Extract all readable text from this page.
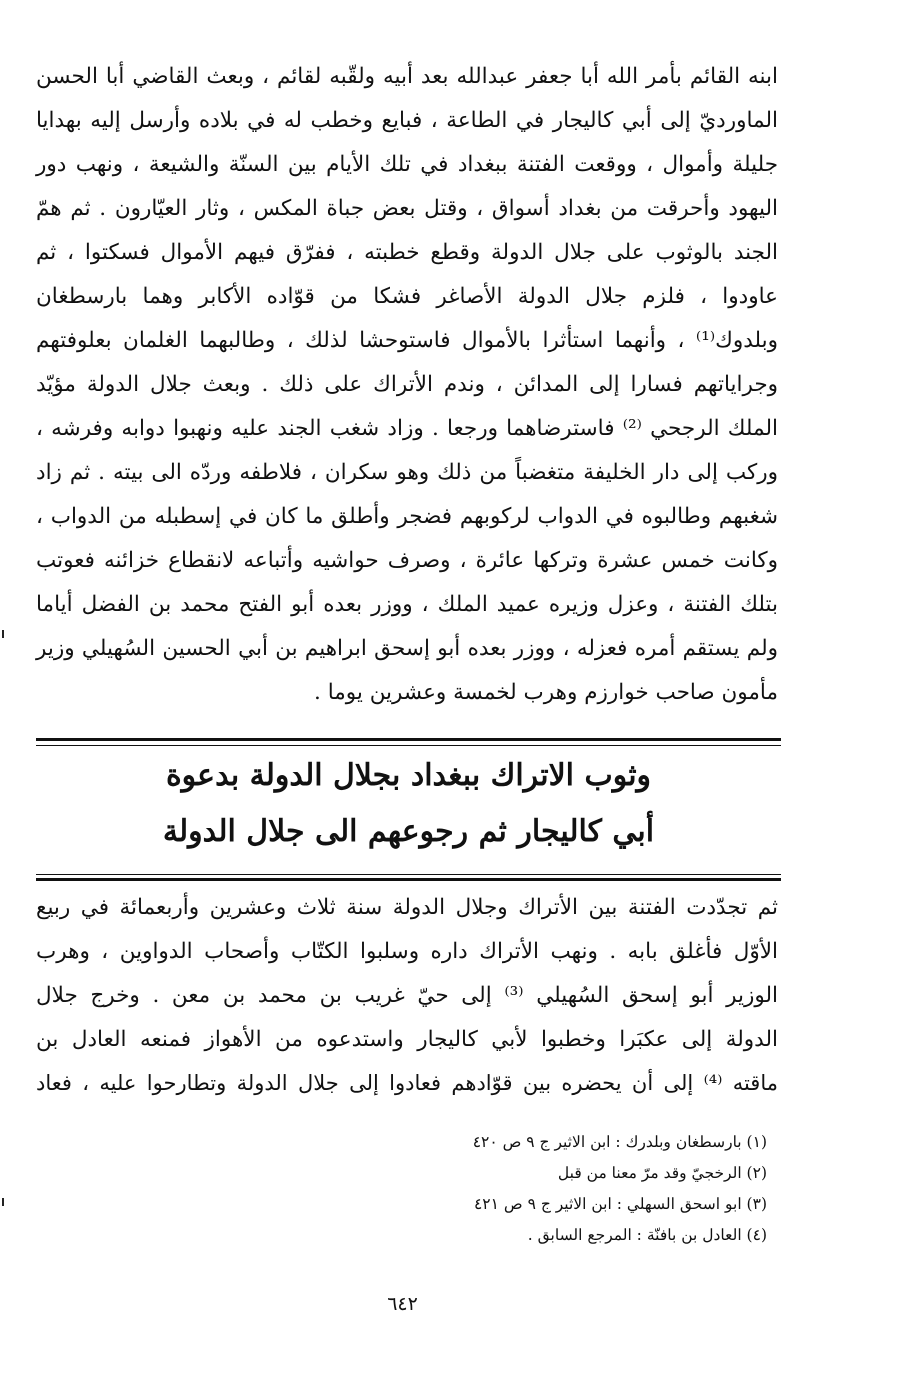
ابنه القائم بأمر الله أبا جعفر عبدالله بعد أبيه ولقّبه لقائم ، وبعث القاضي أبا الحسن
الماورديّ إلى أبي كاليجار في الطاعة ، فبايع وخطب له في بلاده وأرسل إليه بهدايا
جليلة وأموال ، ووقعت الفتنة ببغداد في تلك الأيام بين السنّة والشيعة ، ونهب دور
اليهود وأحرقت من بغداد أسواق ، وقتل بعض جباة المكس ، وثار العيّارون . ثم همّ
الجند بالوثوب على جلال الدولة وقطع خطبته ، ففرّق فيهم الأموال فسكتوا ، ثم
عاودوا ، فلزم جلال الدولة الأصاغر فشكا من قوّاده الأكابر وهما بارسطغان
وبلدوك⁽¹⁾ ، وأنهما استأثرا بالأموال فاستوحشا لذلك ، وطالبهما الغلمان بعلوفتهم
وجراياتهم فسارا إلى المدائن ، وندم الأتراك على ذلك . وبعث جلال الدولة مؤيّد
الملك الرجحي ⁽²⁾ فاسترضاهما ورجعا . وزاد شغب الجند عليه ونهبوا دوابه وفرشه ،
وركب إلى دار الخليفة متغضباً من ذلك وهو سكران ، فلاطفه وردّه الى بيته . ثم زاد
شغبهم وطالبوه في الدواب لركوبهم فضجر وأطلق ما كان في إسطبله من الدواب ،
وكانت خمس عشرة وتركها عائرة ، وصرف حواشيه وأتباعه لانقطاع خزائنه فعوتب
بتلك الفتنة ، وعزل وزيره عميد الملك ، ووزر بعده أبو الفتح محمد بن الفضل أياما
ولم يستقم أمره فعزله ، ووزر بعده أبو إسحق ابراهيم بن أبي الحسين السُهيلي وزير
مأمون صاحب خوارزم وهرب لخمسة وعشرين يوما .
وثوب الاتراك ببغداد بجلال الدولة بدعوة
أبي كاليجار ثم رجوعهم الى جلال الدولة
ثم تجدّدت الفتنة بين الأتراك وجلال الدولة سنة ثلاث وعشرين وأربعمائة في ربيع
الأوّل فأغلق بابه . ونهب الأتراك داره وسلبوا الكتّاب وأصحاب الدواوين ، وهرب
الوزير أبو إسحق السُهيلي ⁽³⁾ إلى حيّ غريب بن محمد بن معن . وخرج جلال
الدولة إلى عكبَرا وخطبوا لأبي كاليجار واستدعوه من الأهواز فمنعه العادل بن
ماقته ⁽⁴⁾ إلى أن يحضره بين قوّادهم فعادوا إلى جلال الدولة وتطارحوا عليه ، فعاد
(١) بارسطغان وبلدرك : ابن الاثير ج ٩ ص ٤٢٠
(٢) الرخجيّ وقد مرّ معنا من قبل
(٣) ابو اسحق السهلي : ابن الاثير ج ٩ ص ٤٢١
(٤) العادل بن بافنّة : المرجع السابق .
٦٤٢
